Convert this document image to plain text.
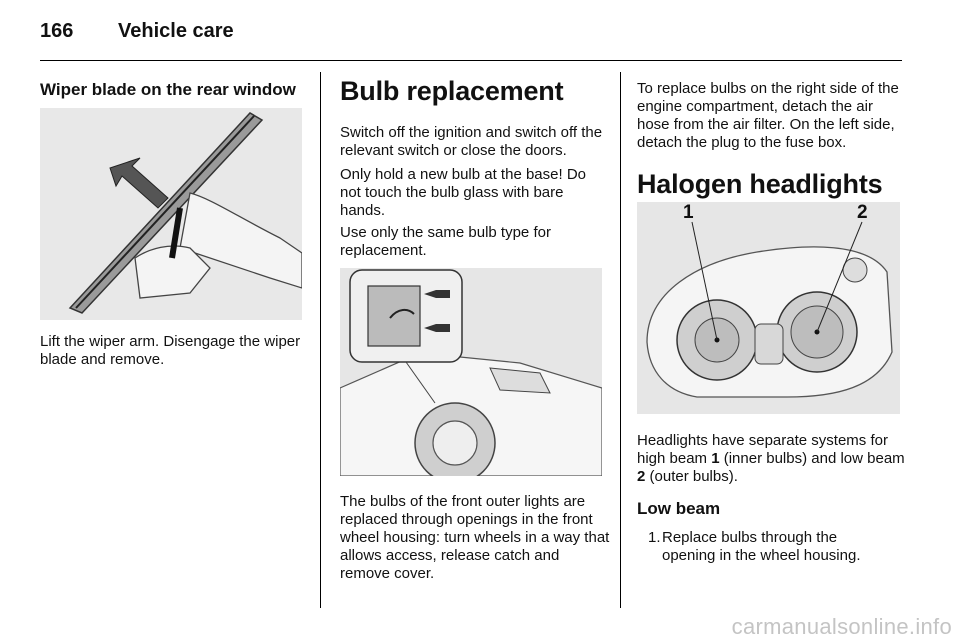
166 Vehicle care
Wiper blade on the rear window

Lift the wiper arm. Disengage the wiper blade and remove.

Bulb replacement

Switch off the ignition and switch off the relevant switch or close the doors.

Only hold a new bulb at the base! Do not touch the bulb glass with bare hands.

Use only the same bulb type for replacement.

The bulbs of the front outer lights are replaced through openings in the front wheel housing: turn wheels in a way that allows access, release catch and remove cover.

To replace bulbs on the right side of the engine compartment, detach the air hose from the air filter. On the left side, detach the plug to the fuse box.

Halogen headlights
1	2

Headlights have separate systems for high beam 1 (inner bulbs) and low beam 2 (outer bulbs).

Low beam

1. Replace bulbs through the opening in the wheel housing.

carmanualsonline.info
